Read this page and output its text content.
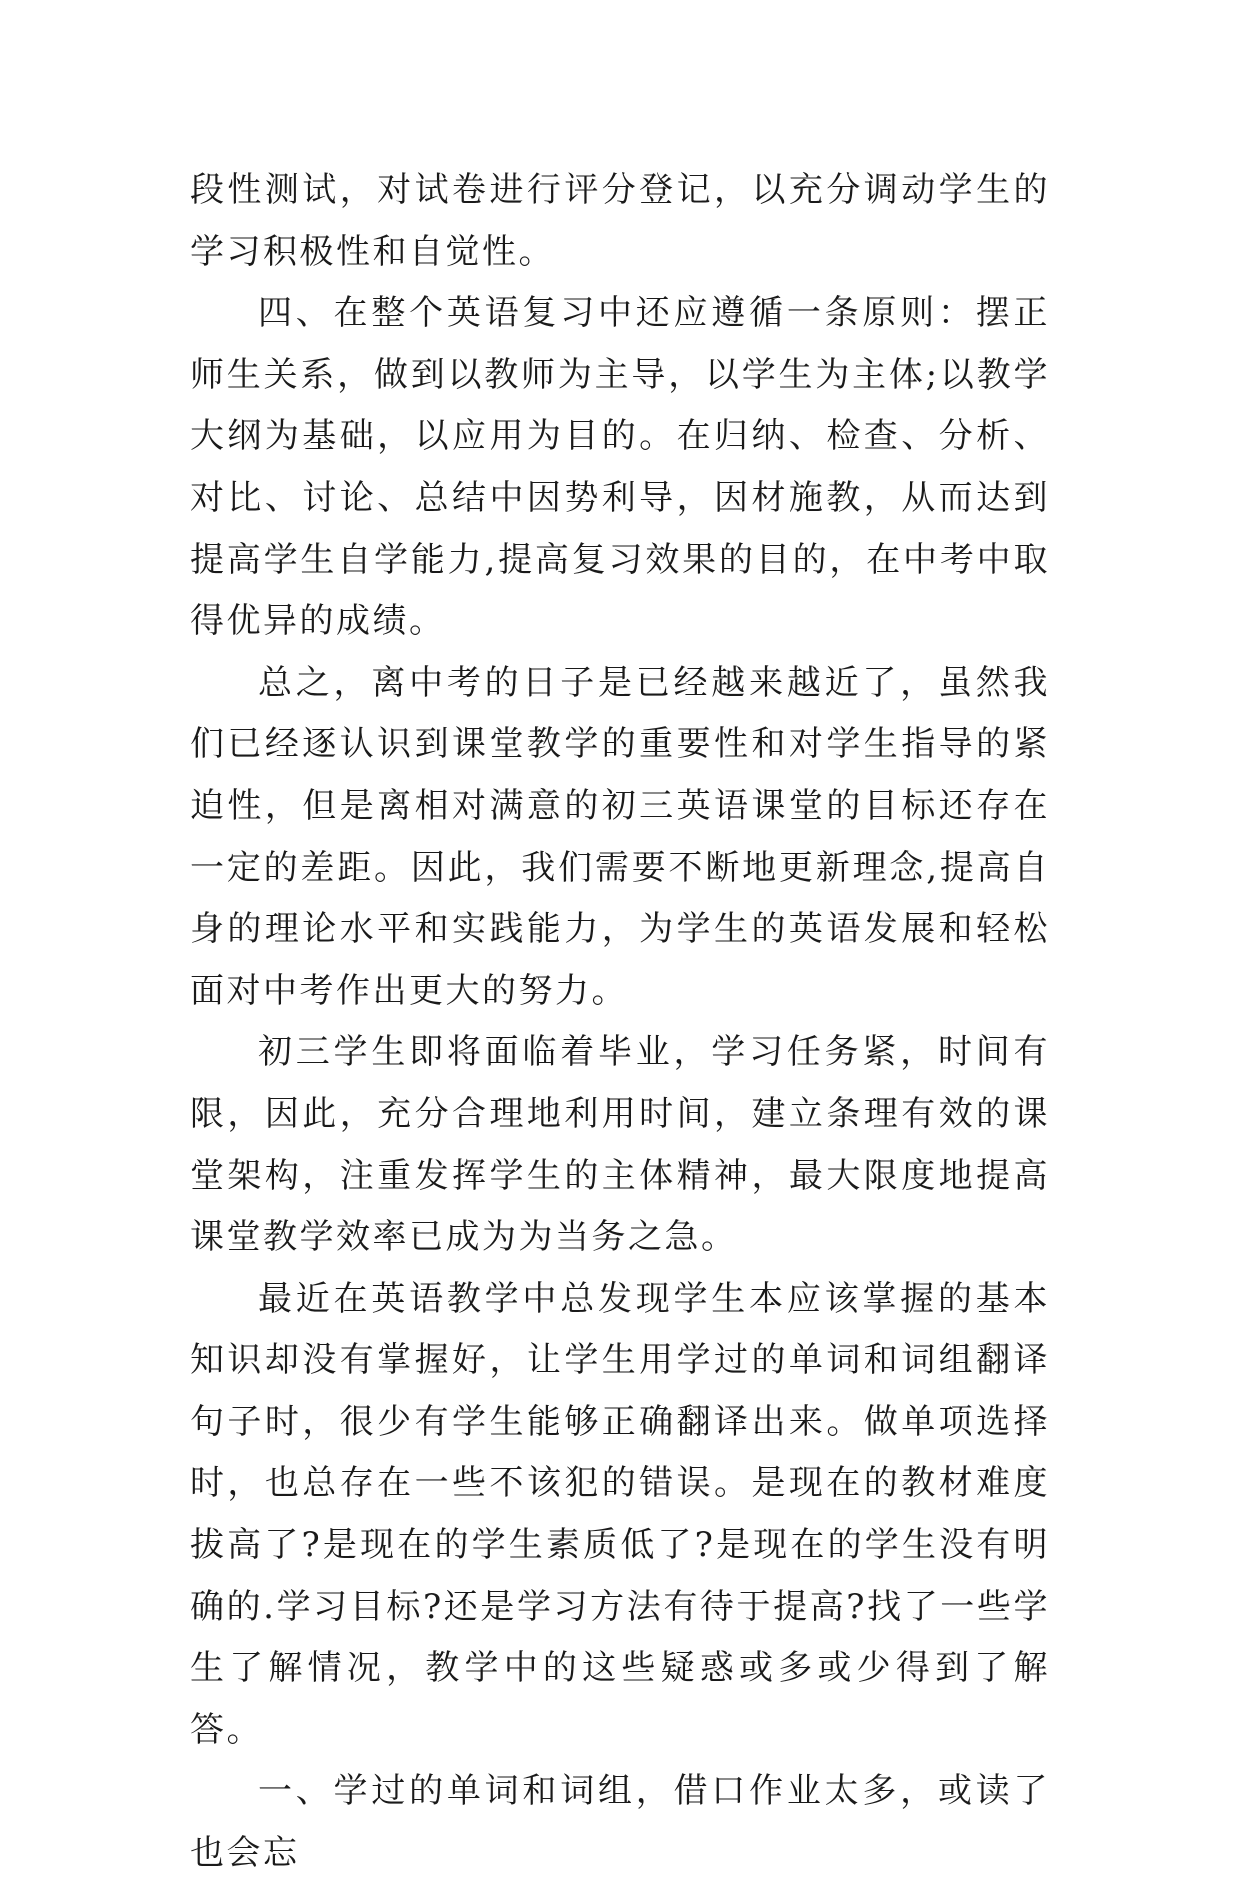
段性测试，对试卷进行评分登记，以充分调动学生的学习积极性和自觉性。

四、在整个英语复习中还应遵循一条原则：摆正师生关系，做到以教师为主导，以学生为主体;以教学大纲为基础，以应用为目的。在归纳、检查、分析、对比、讨论、总结中因势利导，因材施教，从而达到提高学生自学能力,提高复习效果的目的，在中考中取得优异的成绩。

总之，离中考的日子是已经越来越近了，虽然我们已经逐认识到课堂教学的重要性和对学生指导的紧迫性，但是离相对满意的初三英语课堂的目标还存在一定的差距。因此，我们需要不断地更新理念,提高自身的理论水平和实践能力，为学生的英语发展和轻松面对中考作出更大的努力。

初三学生即将面临着毕业，学习任务紧，时间有限，因此，充分合理地利用时间，建立条理有效的课堂架构，注重发挥学生的主体精神，最大限度地提高课堂教学效率已成为为当务之急。

最近在英语教学中总发现学生本应该掌握的基本知识却没有掌握好，让学生用学过的单词和词组翻译句子时，很少有学生能够正确翻译出来。做单项选择时，也总存在一些不该犯的错误。是现在的教材难度拔高了?是现在的学生素质低了?是现在的学生没有明确的.学习目标?还是学习方法有待于提高?找了一些学生了解情况，教学中的这些疑惑或多或少得到了解答。

一、学过的单词和词组，借口作业太多，或读了也会忘
